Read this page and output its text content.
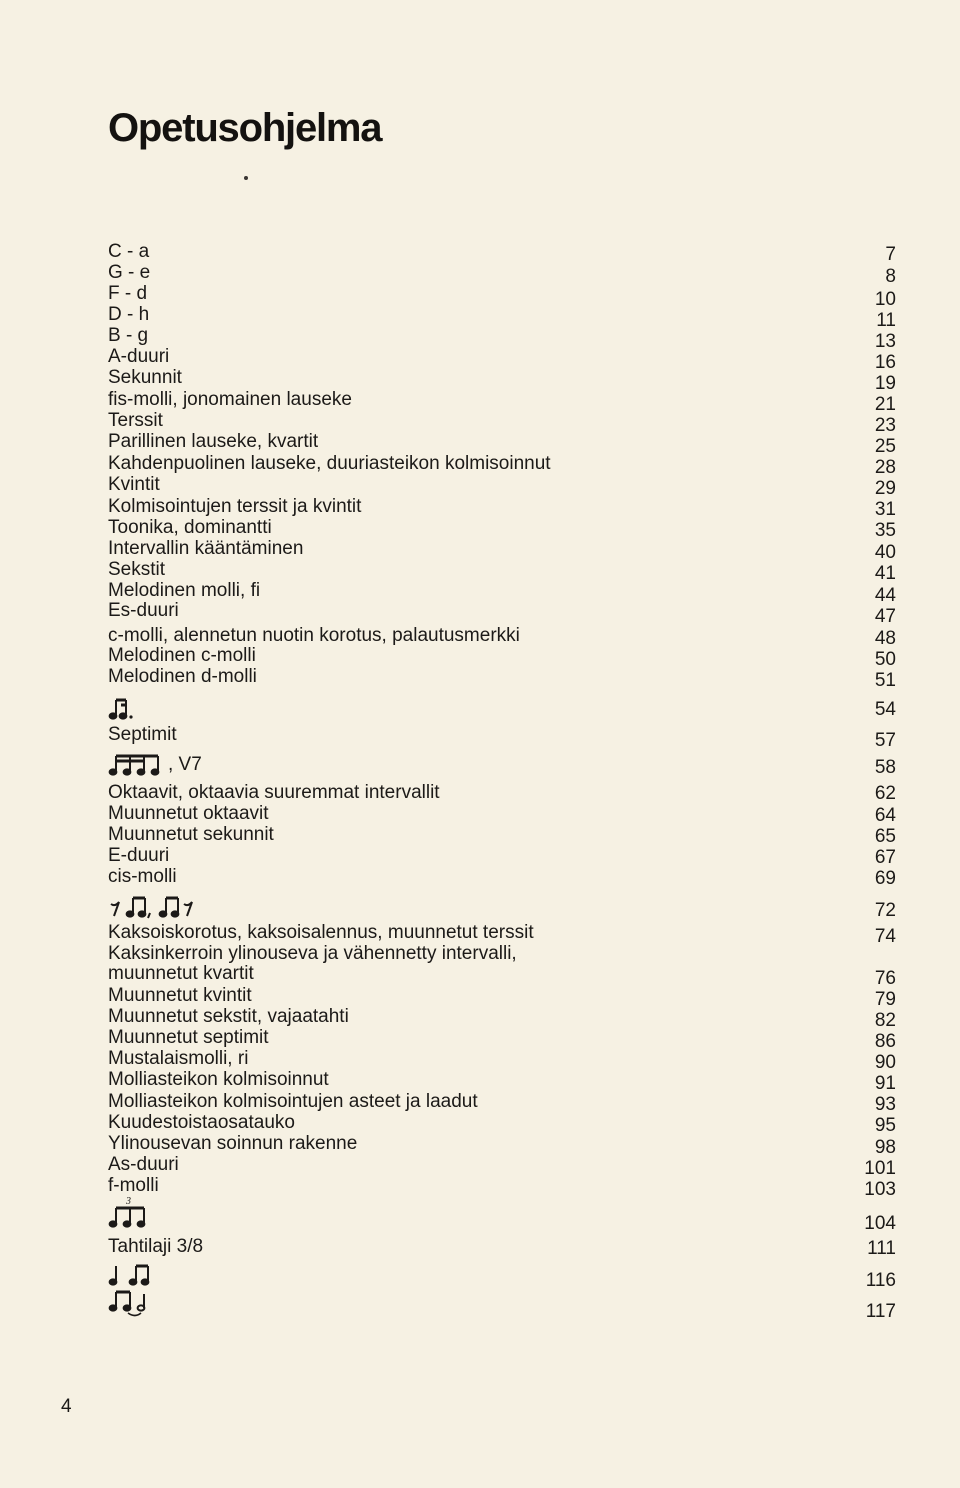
Opetusohjelma
C - a	7
G - e	8
F - d	10
D - h	11
B - g	13
A-duuri	16
Sekunnit	19
fis-molli, jonomainen lauseke	21
Terssit	23
Parillinen lauseke, kvartit	25
Kahdenpuolinen lauseke, duuriasteikon kolmisoinnut	28
Kvintit	29
Kolmisointujen terssit ja kvintit	31
Toonika, dominantti	35
Intervallin kääntäminen	40
Sekstit	41
Melodinen molli, fi	44
Es-duuri	47
c-molli, alennetun nuotin korotus, palautusmerkki	48
Melodinen c-molli	50
Melodinen d-molli	51
54
Septimit	57
, V7	58
Oktaavit, oktaavia suuremmat intervallit	62
Muunnetut oktaavit	64
Muunnetut sekunnit	65
E-duuri	67
cis-molli	69
72
Kaksoiskorotus, kaksoisalennus, muunnetut terssit	74
Kaksinkerroin ylinouseva ja vähennetty intervalli,
muunnetut kvartit	76
Muunnetut kvintit	79
Muunnetut sekstit, vajaatahti	82
Muunnetut septimit	86
Mustalaismolli, ri	90
Molliasteikon kolmisoinnut	91
Molliasteikon kolmisointujen asteet ja laadut	93
Kuudestoistaosatauko	95
Ylinousevan soinnun rakenne	98
As-duuri	101
f-molli	103
3
104
Tahtilaji 3/8	111
116
117
4
